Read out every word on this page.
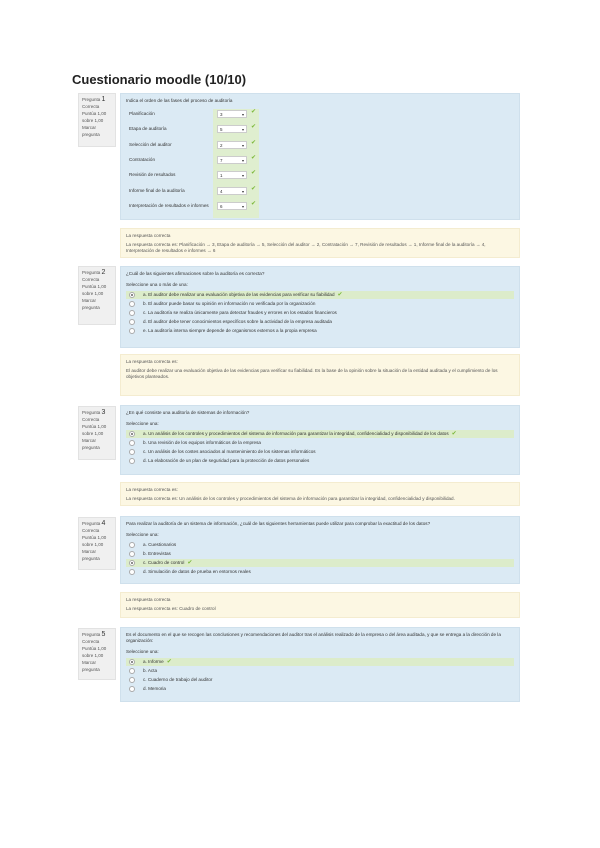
Cuestionario moodle (10/10)
Pregunta 1
Correcta
Puntúa 1,00 sobre 1,00
Marcar pregunta

Indica el orden de las fases del proceso de auditoría

Planificación	3 ▾	✔
Etapa de auditoría	5 ▾	✔
Selección del auditor	2 ▾	✔
Contratación	7 ▾	✔
Revisión de resultados	1 ▾	✔
Informe final de la auditoría	4 ▾	✔
Interpretación de resultados e informes	6 ▾	✔

La respuesta correcta

La respuesta correcta es: Planificación → 3, Etapa de auditoría → 5, Selección del auditor → 2, Contratación → 7, Revisión de resultados → 1, Informe final de la auditoría → 4, Interpretación de resultados e informes → 6

Pregunta 2
Correcta
Puntúa 1,00 sobre 1,00
Marcar pregunta

¿Cuál de las siguientes afirmaciones sobre la auditoría es correcta?

Seleccione una o más de una:

a. El auditor debe realizar una evaluación objetiva de las evidencias para verificar su fiabilidad ✔
b. El auditor puede basar su opinión en información no verificada por la organización
c. La auditoría se realiza únicamente para detectar fraudes y errores en los estados financieros
d. El auditor debe tener conocimientos específicos sobre la actividad de la empresa auditada
e. La auditoría interna siempre depende de organismos externos a la propia empresa

La respuesta correcta es:

El auditor debe realizar una evaluación objetiva de las evidencias para verificar su fiabilidad. Es la base de la opinión sobre la situación de la entidad auditada y el cumplimiento de los objetivos planteados.

Pregunta 3
Correcta
Puntúa 1,00 sobre 1,00
Marcar pregunta

¿En qué consiste una auditoría de sistemas de información?

Seleccione una:

a. Un análisis de los controles y procedimientos del sistema de información para garantizar la integridad, confidencialidad y disponibilidad de los datos ✔
b. Una revisión de los equipos informáticos de la empresa
c. Un análisis de los costes asociados al mantenimiento de los sistemas informáticos
d. La elaboración de un plan de seguridad para la protección de datos personales

La respuesta correcta es:

La respuesta correcta es: Un análisis de los controles y procedimientos del sistema de información para garantizar la integridad, confidencialidad y disponibilidad.

Pregunta 4
Correcta
Puntúa 1,00 sobre 1,00
Marcar pregunta

Para realizar la auditoría de un sistema de información, ¿cuál de las siguientes herramientas puede utilizar para comprobar la exactitud de los datos?

Seleccione una:

a. Cuestionarios
b. Entrevistas
c. Cuadro de control ✔
d. Simulación de datos de prueba en entornos reales

La respuesta correcta

La respuesta correcta es: Cuadro de control

Pregunta 5
Correcta
Puntúa 1,00 sobre 1,00
Marcar pregunta

Es el documento en el que se recogen las conclusiones y recomendaciones del auditor tras el análisis realizado de la empresa o del área auditada, y que se entrega a la dirección de la organización:

Seleccione una:

a. Informe ✔
b. Acta
c. Cuaderno de trabajo del auditor
d. Memoria
